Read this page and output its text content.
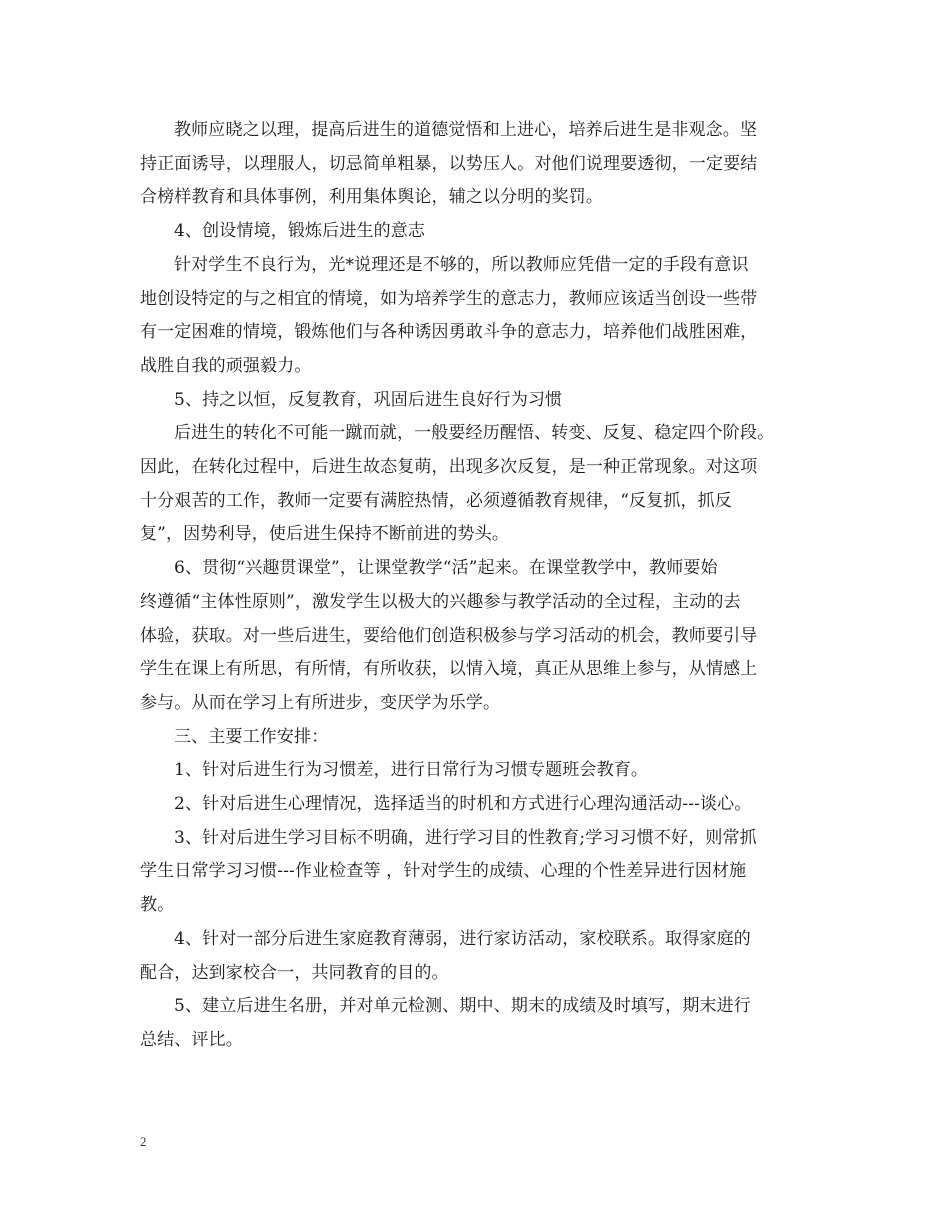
教师应晓之以理，提高后进生的道德觉悟和上进心，培养后进生是非观念。坚
持正面诱导，以理服人，切忌简单粗暴，以势压人。对他们说理要透彻，一定要结
合榜样教育和具体事例，利用集体舆论，辅之以分明的奖罚。
4、创设情境，锻炼后进生的意志
针对学生不良行为，光*说理还是不够的，所以教师应凭借一定的手段有意识
地创设特定的与之相宜的情境，如为培养学生的意志力，教师应该适当创设一些带
有一定困难的情境，锻炼他们与各种诱因勇敢斗争的意志力，培养他们战胜困难，
战胜自我的顽强毅力。
5、持之以恒，反复教育，巩固后进生良好行为习惯
后进生的转化不可能一蹴而就，一般要经历醒悟、转变、反复、稳定四个阶段。
因此，在转化过程中，后进生故态复萌，出现多次反复，是一种正常现象。对这项
十分艰苦的工作，教师一定要有满腔热情，必须遵循教育规律，“反复抓，抓反
复”，因势利导，使后进生保持不断前进的势头。
6、贯彻“兴趣贯课堂”，让课堂教学“活”起来。在课堂教学中，教师要始
终遵循“主体性原则”，激发学生以极大的兴趣参与教学活动的全过程，主动的去
体验，获取。对一些后进生，要给他们创造积极参与学习活动的机会，教师要引导
学生在课上有所思，有所情，有所收获，以情入境，真正从思维上参与，从情感上
参与。从而在学习上有所进步，变厌学为乐学。
三、主要工作安排：
1、针对后进生行为习惯差，进行日常行为习惯专题班会教育。
2、针对后进生心理情况，选择适当的时机和方式进行心理沟通活动---谈心。
3、针对后进生学习目标不明确，进行学习目的性教育;学习习惯不好，则常抓
学生日常学习习惯---作业检查等 ，针对学生的成绩、心理的个性差异进行因材施
教。
4、针对一部分后进生家庭教育薄弱，进行家访活动，家校联系。取得家庭的
配合，达到家校合一，共同教育的目的。
5、建立后进生名册，并对单元检测、期中、期末的成绩及时填写，期末进行
总结、评比。
2
